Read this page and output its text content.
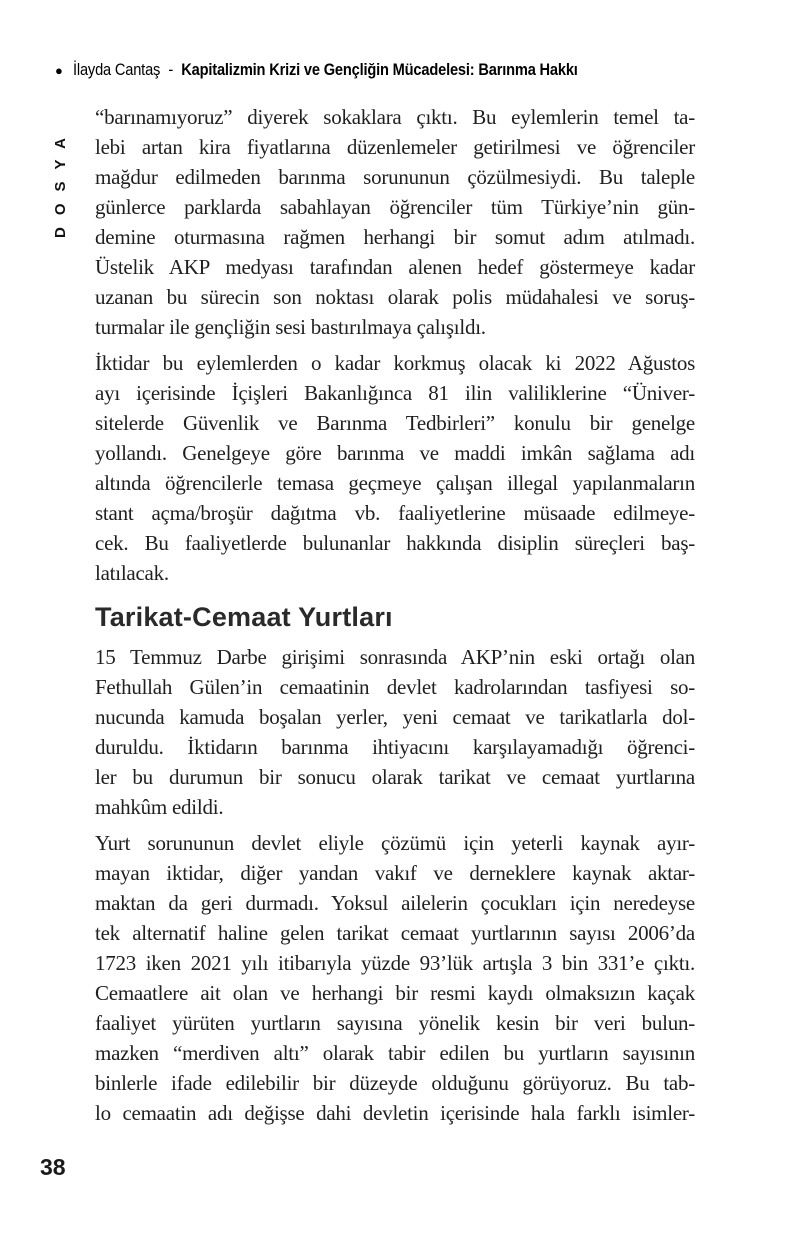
● İlayda Cantaş - Kapitalizmin Krizi ve Gençliğin Mücadelesi: Barınma Hakkı
DOSYA
“barınamıyoruz” diyerek sokaklara çıktı. Bu eylemlerin temel ta-
lebi artan kira fiyatlarına düzenlemeler getirilmesi ve öğrenciler
mağdur edilmeden barınma sorununun çözülmesiydi. Bu taleple
günlerce parklarda sabahlayan öğrenciler tüm Türkiye’nin gün-
demine oturmasına rağmen herhangi bir somut adım atılmadı.
Üstelik AKP medyası tarafından alenen hedef göstermeye kadar
uzanan bu sürecin son noktası olarak polis müdahalesi ve soruş-
turmalar ile gençliğin sesi bastırılmaya çalışıldı.
İktidar bu eylemlerden o kadar korkmuş olacak ki 2022 Ağustos
ayı içerisinde İçişleri Bakanlığınca 81 ilin valiliklerine “Üniver-
sitelerde Güvenlik ve Barınma Tedbirleri” konulu bir genelge
yollandı. Genelgeye göre barınma ve maddi imkân sağlama adı
altında öğrencilerle temasa geçmeye çalışan illegal yapılanmaların
stant açma/broşür dağıtma vb. faaliyetlerine müsaade edilmeye-
cek. Bu faaliyetlerde bulunanlar hakkında disiplin süreçleri baş-
latılacak.
Tarikat-Cemaat Yurtları
15 Temmuz Darbe girişimi sonrasında AKP’nin eski ortağı olan
Fethullah Gülen’in cemaatinin devlet kadrolarından tasfiyesi so-
nucunda kamuda boşalan yerler, yeni cemaat ve tarikatlarla dol-
duruldu. İktidarın barınma ihtiyacını karşılayamadığı öğrenci-
ler bu durumun bir sonucu olarak tarikat ve cemaat yurtlarına
mahkûm edildi.
Yurt sorununun devlet eliyle çözümü için yeterli kaynak ayır-
mayan iktidar, diğer yandan vakıf ve derneklere kaynak aktar-
maktan da geri durmadı. Yoksul ailelerin çocukları için neredeyse
tek alternatif haline gelen tarikat cemaat yurtlarının sayısı 2006’da
1723 iken 2021 yılı itibarıyla yüzde 93’lük artışla 3 bin 331’e çıktı.
Cemaatlere ait olan ve herhangi bir resmi kaydı olmaksızın kaçak
faaliyet yürüten yurtların sayısına yönelik kesin bir veri bulun-
mazken “merdiven altı” olarak tabir edilen bu yurtların sayısının
binlerle ifade edilebilir bir düzeyde olduğunu görüyoruz. Bu tab-
lo cemaatin adı değişse dahi devletin içerisinde hala farklı isimler-
38
